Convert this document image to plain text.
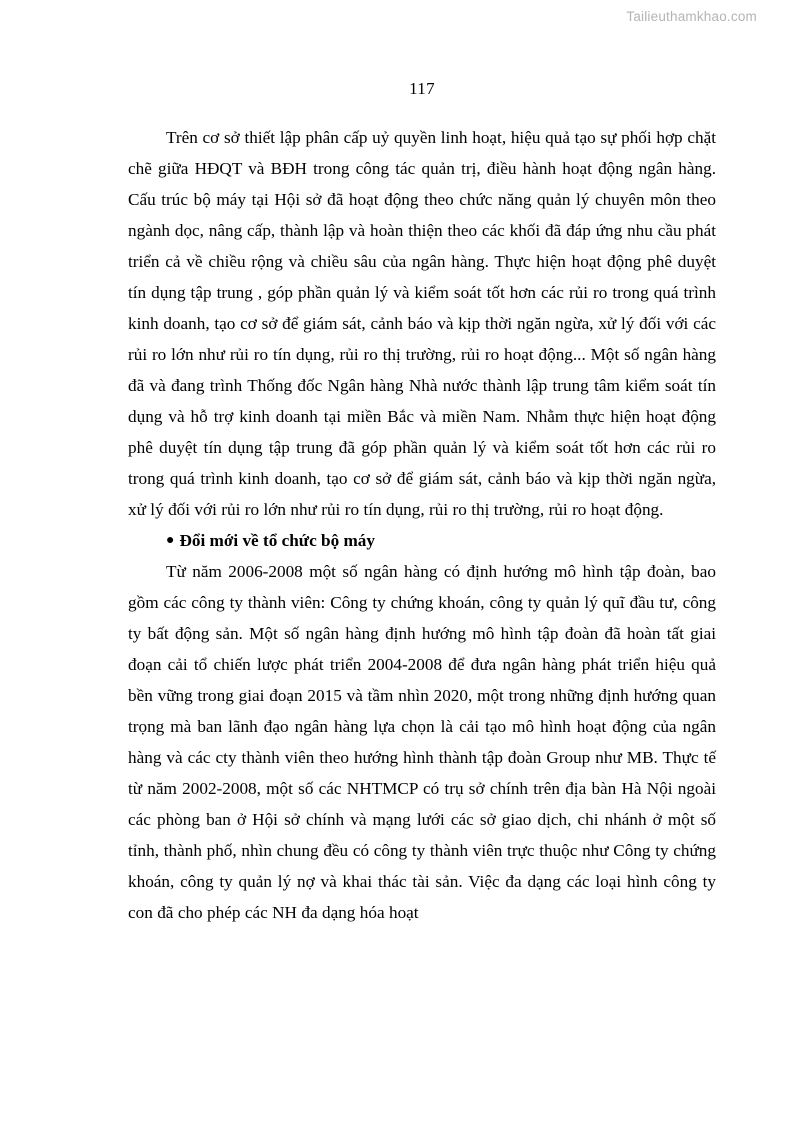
Tailieuthamkhao.com
117

Trên cơ sở thiết lập phân cấp uỷ quyền linh hoạt, hiệu quả tạo sự phối hợp chặt chẽ giữa HĐQT và BĐH trong công tác quản trị, điều hành hoạt động ngân hàng. Cấu trúc bộ máy tại Hội sở đã hoạt động theo chức năng quản lý chuyên môn theo ngành dọc, nâng cấp, thành lập và hoàn thiện theo các khối đã đáp ứng nhu cầu phát triển cả về chiều rộng và chiều sâu của ngân hàng. Thực hiện hoạt động phê duyệt tín dụng tập trung , góp phần quản lý và kiểm soát tốt hơn các rủi ro trong quá trình kinh doanh, tạo cơ sở để giám sát, cảnh báo và kịp thời ngăn ngừa, xử lý đối với các rủi ro lớn như rủi ro tín dụng, rủi ro thị trường, rủi ro hoạt động... Một số ngân hàng đã và đang trình Thống đốc Ngân hàng Nhà nước thành lập trung tâm kiểm soát tín dụng và hỗ trợ kinh doanh tại miền Bắc và miền Nam. Nhằm thực hiện hoạt động phê duyệt tín dụng tập trung đã góp phần quản lý và kiểm soát tốt hơn các rủi ro trong quá trình kinh doanh, tạo cơ sở để giám sát, cảnh báo và kịp thời ngăn ngừa, xử lý đối với rủi ro lớn như rủi ro tín dụng, rủi ro thị trường, rủi ro hoạt động.

● Đổi mới về tổ chức bộ máy

Từ năm 2006-2008 một số ngân hàng có định hướng mô hình tập đoàn, bao gồm các công ty thành viên: Công ty chứng khoán, công ty quản lý quĩ đầu tư, công ty bất động sản. Một số ngân hàng định hướng mô hình tập đoàn đã hoàn tất giai đoạn cải tổ chiến lược phát triển 2004-2008 để đưa ngân hàng phát triển hiệu quả bền vững trong giai đoạn 2015 và tầm nhìn 2020, một trong những định hướng quan trọng mà ban lãnh đạo ngân hàng lựa chọn là cải tạo mô hình hoạt động của ngân hàng và các cty thành viên theo hướng hình thành tập đoàn Group như MB. Thực tế từ năm 2002-2008, một số các NHTMCP có trụ sở chính trên địa bàn Hà Nội ngoài các phòng ban ở Hội sở chính và mạng lưới các sở giao dịch, chi nhánh ở một số tỉnh, thành phố, nhìn chung đều có công ty thành viên trực thuộc như Công ty chứng khoán, công ty quản lý nợ và khai thác tài sản. Việc đa dạng các loại hình công ty con đã cho phép các NH đa dạng hóa hoạt
